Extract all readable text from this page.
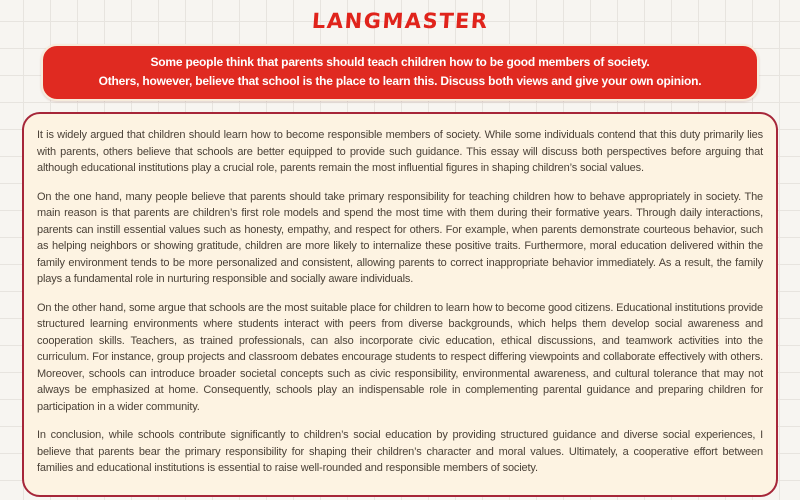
LANGMASTER
Some people think that parents should teach children how to be good members of society.
Others, however, believe that school is the place to learn this. Discuss both views and give your own opinion.

It is widely argued that children should learn how to become responsible members of society. While some individuals contend that this duty primarily lies with parents, others believe that schools are better equipped to provide such guidance. This essay will discuss both perspectives before arguing that although educational institutions play a crucial role, parents remain the most influential figures in shaping children’s social values.

On the one hand, many people believe that parents should take primary responsibility for teaching children how to behave appropriately in society. The main reason is that parents are children’s first role models and spend the most time with them during their formative years. Through daily interactions, parents can instill essential values such as honesty, empathy, and respect for others. For example, when parents demonstrate courteous behavior, such as helping neighbors or showing gratitude, children are more likely to internalize these positive traits. Furthermore, moral education delivered within the family environment tends to be more personalized and consistent, allowing parents to correct inappropriate behavior immediately. As a result, the family plays a fundamental role in nurturing responsible and socially aware individuals.

On the other hand, some argue that schools are the most suitable place for children to learn how to become good citizens. Educational institutions provide structured learning environments where students interact with peers from diverse backgrounds, which helps them develop social awareness and cooperation skills. Teachers, as trained professionals, can also incorporate civic education, ethical discussions, and teamwork activities into the curriculum. For instance, group projects and classroom debates encourage students to respect differing viewpoints and collaborate effectively with others. Moreover, schools can introduce broader societal concepts such as civic responsibility, environmental awareness, and cultural tolerance that may not always be emphasized at home. Consequently, schools play an indispensable role in complementing parental guidance and preparing children for participation in a wider community.

In conclusion, while schools contribute significantly to children’s social education by providing structured guidance and diverse social experiences, I believe that parents bear the primary responsibility for shaping their children’s character and moral values. Ultimately, a cooperative effort between families and educational institutions is essential to raise well-rounded and responsible members of society.
